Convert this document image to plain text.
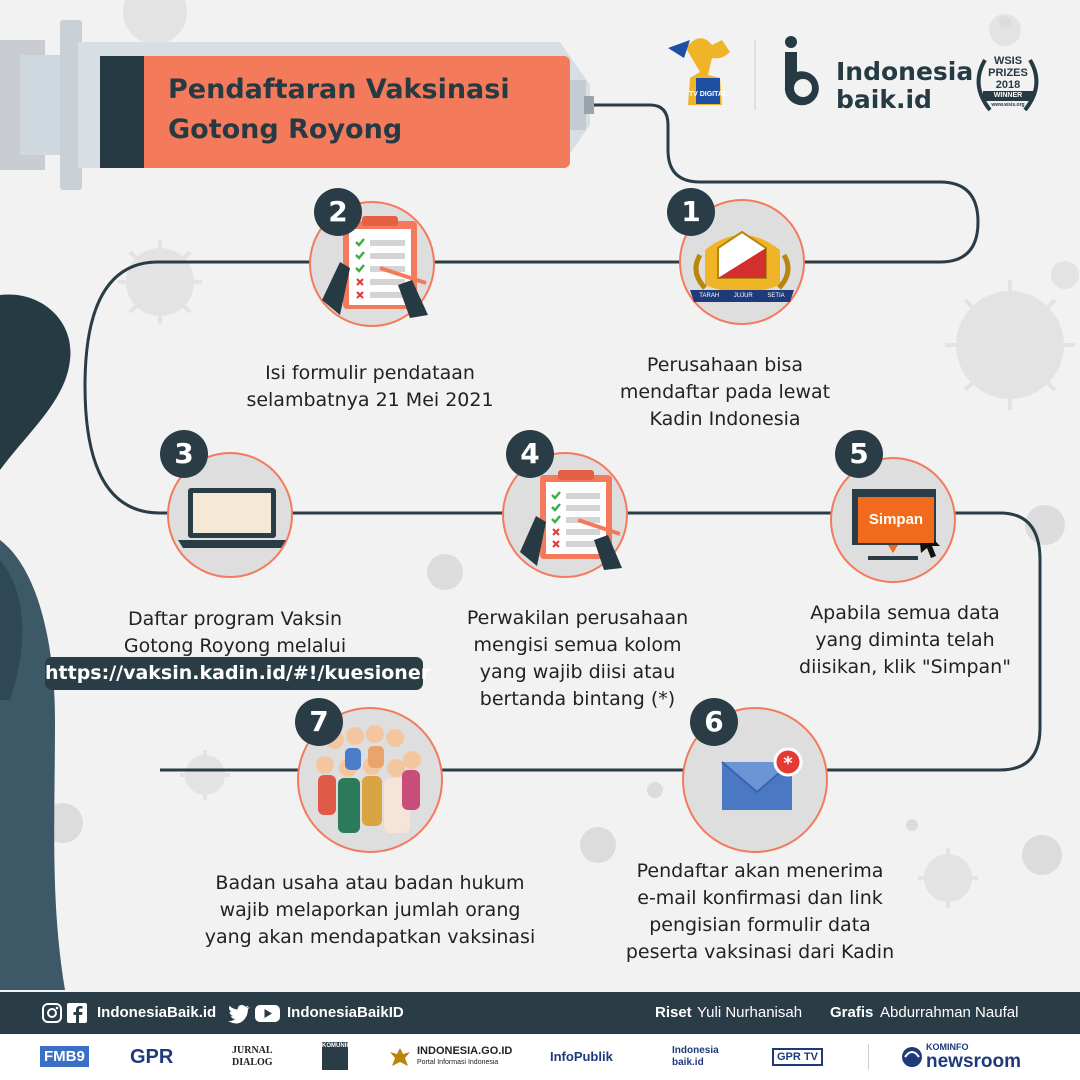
*
TV DIGITAL
Pendaftaran Vaksinasi
Gotong Royong
Indonesia
baik.id
WSIS
PRIZES
2018
WINNER
www.wsis.org
TARAH JUJUR SETIA
2	1
3	4	5
7	6
Simpan
Isi formulir pendataan
selambatnya 21 Mei 2021
Perusahaan bisa
mendaftar pada lewat
Kadin Indonesia
Daftar program Vaksin
Gotong Royong melalui
https://vaksin.kadin.id/#!/kuesioner
Perwakilan perusahaan
mengisi semua kolom
yang wajib diisi atau
bertanda bintang (*)
Apabila semua data
yang diminta telah
diisikan, klik "Simpan"
Badan usaha atau badan hukum
wajib melaporkan jumlah orang
yang akan mendapatkan vaksinasi
Pendaftar akan menerima
e-mail konfirmasi dan link
pengisian formulir data
peserta vaksinasi dari Kadin
IndonesiaBaik.id	IndonesiaBaikID	Riset Yuli Nurhanisah Grafis Abdurrahman Naufal
FMB9 GPR	JURNAL
DIALOG
KOMUNIKA	INDONESIA.GO.ID
Portal Informasi Indonesia	InfoPublik	Indonesia baik.id	GPR TV
KOMINFO
newsroom
